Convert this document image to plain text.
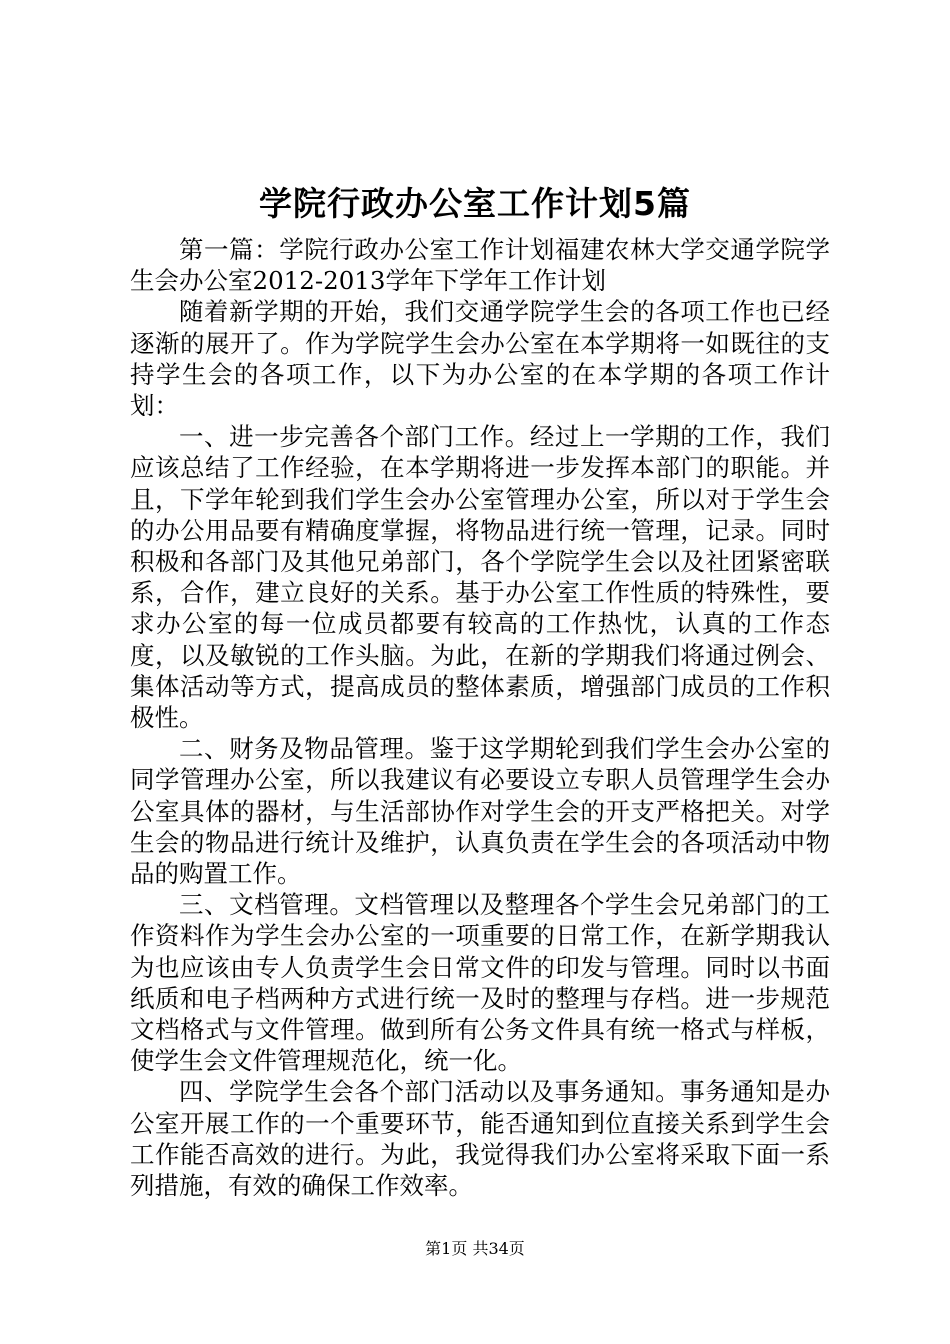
学院行政办公室工作计划5篇

第一篇：学院行政办公室工作计划福建农林大学交通学院学生会办公室2012-2013学年下学年工作计划

随着新学期的开始，我们交通学院学生会的各项工作也已经逐渐的展开了。作为学院学生会办公室在本学期将一如既往的支持学生会的各项工作，以下为办公室的在本学期的各项工作计划：

一、进一步完善各个部门工作。经过上一学期的工作，我们应该总结了工作经验，在本学期将进一步发挥本部门的职能。并且，下学年轮到我们学生会办公室管理办公室，所以对于学生会的办公用品要有精确度掌握，将物品进行统一管理，记录。同时积极和各部门及其他兄弟部门，各个学院学生会以及社团紧密联系，合作，建立良好的关系。基于办公室工作性质的特殊性，要求办公室的每一位成员都要有较高的工作热忱，认真的工作态度，以及敏锐的工作头脑。为此，在新的学期我们将通过例会、集体活动等方式，提高成员的整体素质，增强部门成员的工作积极性。

二、财务及物品管理。鉴于这学期轮到我们学生会办公室的同学管理办公室，所以我建议有必要设立专职人员管理学生会办公室具体的器材，与生活部协作对学生会的开支严格把关。对学生会的物品进行统计及维护，认真负责在学生会的各项活动中物品的购置工作。

三、文档管理。文档管理以及整理各个学生会兄弟部门的工作资料作为学生会办公室的一项重要的日常工作，在新学期我认为也应该由专人负责学生会日常文件的印发与管理。同时以书面纸质和电子档两种方式进行统一及时的整理与存档。进一步规范文档格式与文件管理。做到所有公务文件具有统一格式与样板，使学生会文件管理规范化，统一化。

四、学院学生会各个部门活动以及事务通知。事务通知是办公室开展工作的一个重要环节，能否通知到位直接关系到学生会工作能否高效的进行。为此，我觉得我们办公室将采取下面一系列措施，有效的确保工作效率。

第1页 共34页
